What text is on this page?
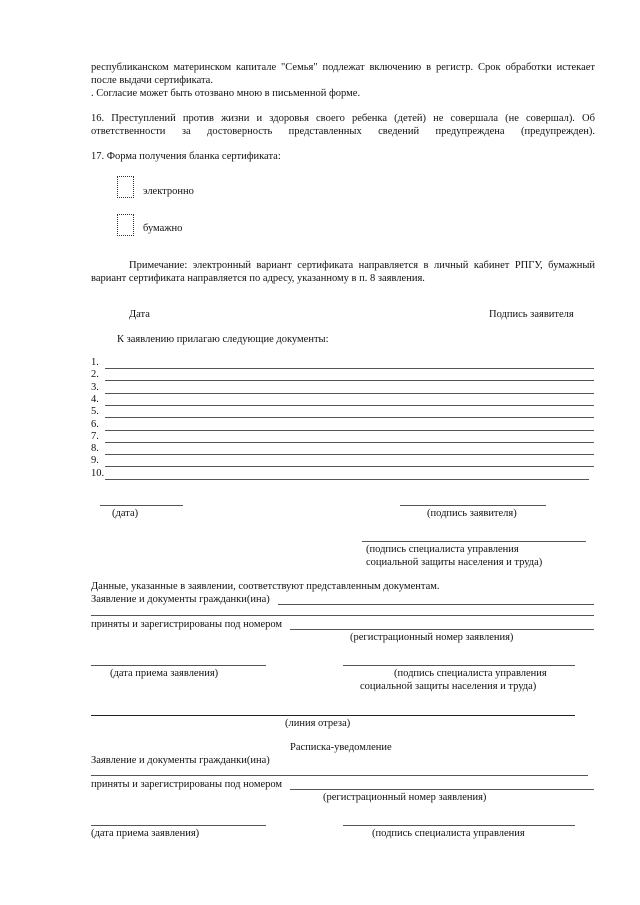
республиканском материнском капитале "Семья" подлежат включению в регистр. Срок обработки истекает
после выдачи сертификата.
. Согласие может быть отозвано мною в письменной форме.
16. Преступлений против жизни и здоровья своего ребенка (детей) не совершала (не совершал). Об
ответственности за достоверность представленных сведений предупреждена (предупрежден).
17. Форма получения бланка сертификата:
электронно
бумажно
Примечание: электронный вариант сертификата направляется в личный кабинет РПГУ, бумажный
вариант сертификата направляется по адресу, указанному в п. 8 заявления.
Дата	Подпись заявителя
К заявлению прилагаю следующие документы:
1.
2.
3.
4.
5.
6.
7.
8.
9.
10.
(дата)	(подпись заявителя)
(подпись специалиста управления
социальной защиты населения и труда)
Данные, указанные в заявлении, соответствуют представленным документам.
Заявление и документы гражданки(ина)
приняты и зарегистрированы под номером
(регистрационный номер заявления)
(дата приема заявления)	(подпись специалиста управления
социальной защиты населения и труда)
(линия отреза)
Расписка-уведомление
Заявление и документы гражданки(ина)
приняты и зарегистрированы под номером
(регистрационный номер заявления)
(дата приема заявления)	(подпись специалиста управления
